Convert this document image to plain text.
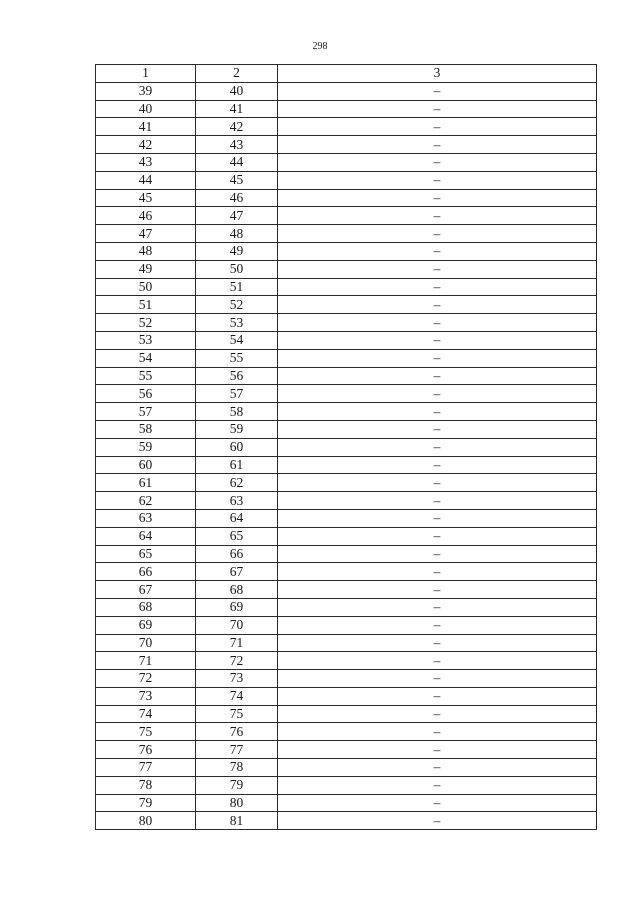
298
1	2	3
39	40	–
40	41	–
41	42	–
42	43	–
43	44	–
44	45	–
45	46	–
46	47	–
47	48	–
48	49	–
49	50	–
50	51	–
51	52	–
52	53	–
53	54	–
54	55	–
55	56	–
56	57	–
57	58	–
58	59	–
59	60	–
60	61	–
61	62	–
62	63	–
63	64	–
64	65	–
65	66	–
66	67	–
67	68	–
68	69	–
69	70	–
70	71	–
71	72	–
72	73	–
73	74	–
74	75	–
75	76	–
76	77	–
77	78	–
78	79	–
79	80	–
80	81	–
